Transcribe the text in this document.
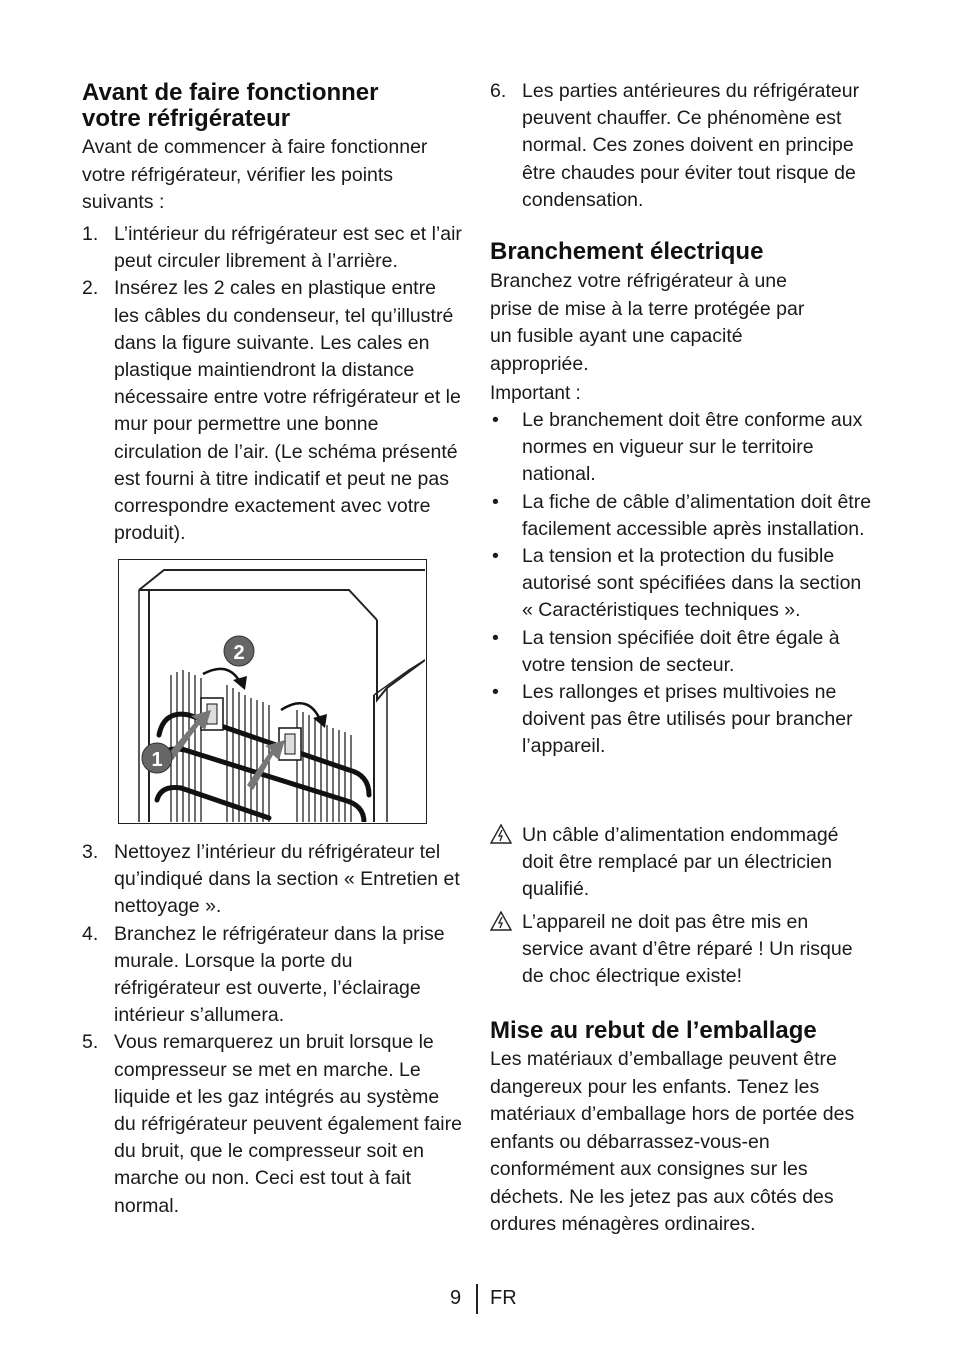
Avant de faire fonctionner votre réfrigérateur

Avant de commencer à faire fonctionner votre réfrigérateur, vérifier les points suivants :

1. L’intérieur du réfrigérateur est sec et l’air peut circuler librement à l’arrière.
2. Insérez les 2 cales en plastique entre les câbles du condenseur, tel qu’illustré dans la figure suivante. Les cales en plastique maintiendront la distance nécessaire entre votre réfrigérateur et le mur pour permettre une bonne circulation de l’air. (Le schéma présenté est fourni à titre indicatif et peut ne pas correspondre exactement avec votre produit).
3. Nettoyez l’intérieur du réfrigérateur tel qu’indiqué dans la section « Entretien et nettoyage ».
4. Branchez le réfrigérateur dans la prise murale. Lorsque la porte du réfrigérateur est ouverte, l’éclairage intérieur s’allumera.
5. Vous remarquerez un bruit lorsque le compresseur se met en marche. Le liquide et les gaz intégrés au système du réfrigérateur peuvent également faire du bruit, que le compresseur soit en marche ou non. Ceci est tout à fait normal.
2
1
6. Les parties antérieures du réfrigérateur peuvent chauffer. Ce phénomène est normal. Ces zones doivent en principe être chaudes pour éviter tout risque de condensation.
Branchement électrique

Branchez votre réfrigérateur à une prise de mise à la terre protégée par un fusible ayant une capacité appropriée.

Important :

• Le branchement doit être conforme aux normes en vigueur sur le territoire national.
• La fiche de câble d’alimentation doit être facilement accessible après installation.
• La tension et la protection du fusible autorisé sont spécifiées dans la section « Caractéristiques techniques ».
• La tension spécifiée doit être égale à votre tension de secteur.
• Les rallonges et prises multivoies ne doivent pas être utilisés pour brancher l’appareil.
Un câble d’alimentation endommagé doit être remplacé par un électricien qualifié.
L’appareil ne doit pas être mis en service avant d’être réparé ! Un risque de choc électrique existe!
Mise au rebut de l’emballage

Les matériaux d’emballage peuvent être dangereux pour les enfants. Tenez les matériaux d’emballage hors de portée des enfants ou débarrassez-vous-en conformément aux consignes sur les déchets. Ne les jetez pas aux côtés des ordures ménagères ordinaires.

9 FR
